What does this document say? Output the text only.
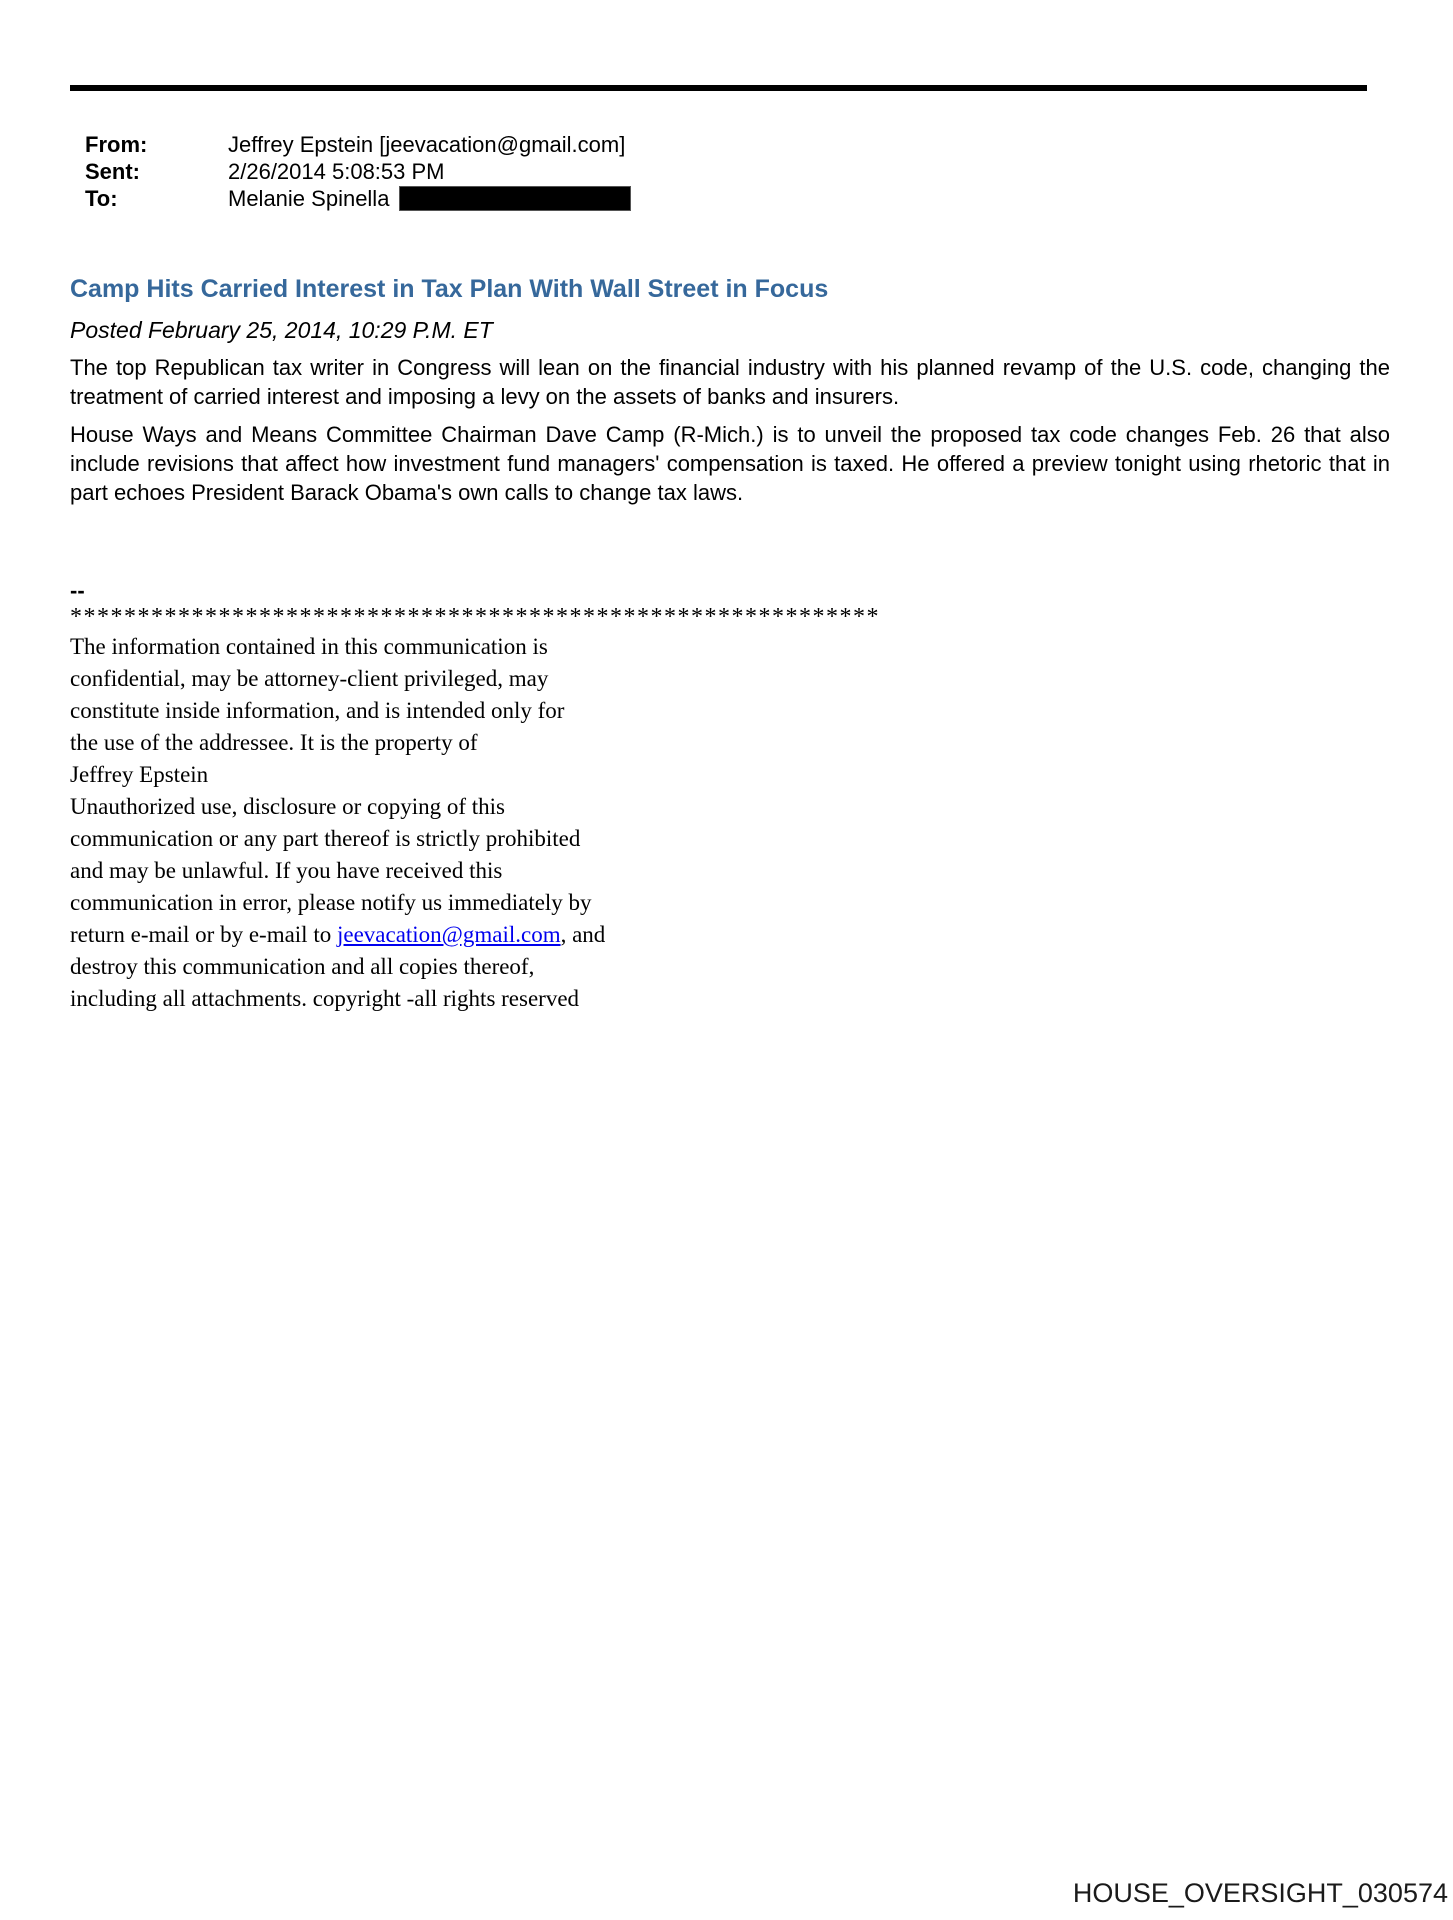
From:	Jeffrey Epstein [jeevacation@gmail.com]
Sent:	2/26/2014 5:08:53 PM
To:	Melanie Spinella
Camp Hits Carried Interest in Tax Plan With Wall Street in Focus
Posted February 25, 2014, 10:29 P.M. ET

The top Republican tax writer in Congress will lean on the financial industry with his planned revamp of the U.S. code, changing the treatment of carried interest and imposing a levy on the assets of banks and insurers.

House Ways and Means Committee Chairman Dave Camp (R-Mich.) is to unveil the proposed tax code changes Feb. 26 that also include revisions that affect how investment fund managers' compensation is taxed. He offered a preview tonight using rhetoric that in part echoes President Barack Obama's own calls to change tax laws.

--
************************************************************
The information contained in this communication is
confidential, may be attorney-client privileged, may
constitute inside information, and is intended only for
the use of the addressee. It is the property of
Jeffrey Epstein
Unauthorized use, disclosure or copying of this
communication or any part thereof is strictly prohibited
and may be unlawful. If you have received this
communication in error, please notify us immediately by
return e-mail or by e-mail to jeevacation@gmail.com, and
destroy this communication and all copies thereof,
including all attachments. copyright -all rights reserved
HOUSE_OVERSIGHT_030574
